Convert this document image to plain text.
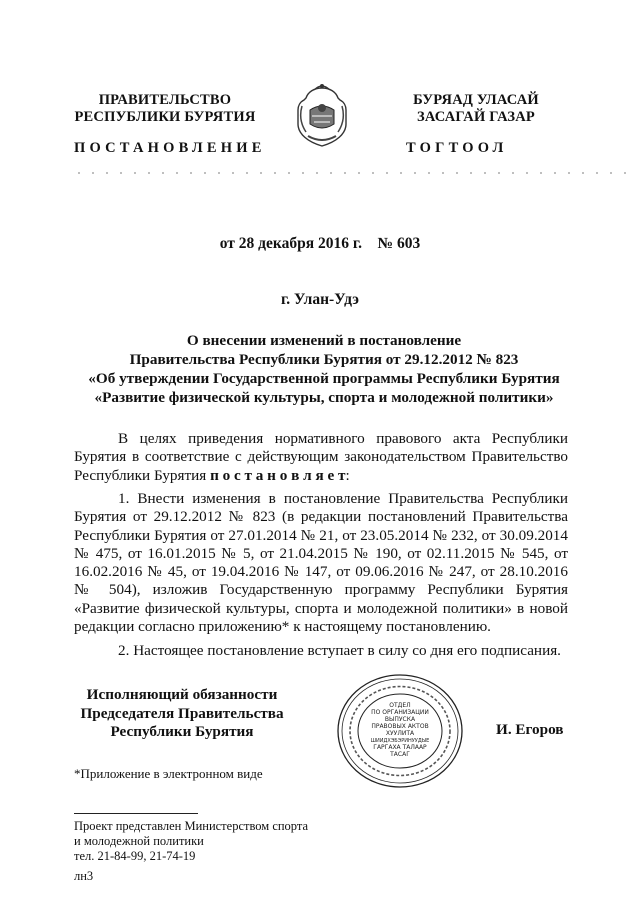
ПРАВИТЕЛЬСТВО
РЕСПУБЛИКИ БУРЯТИЯ
БУРЯАД УЛАСАЙ
ЗАСАГАЙ ГАЗАР
ПОСТАНОВЛЕНИЕ	ТОГТООЛ
от 28 декабря 2016 г.    № 603
г. Улан-Удэ
О внесении изменений в постановление
Правительства Республики Бурятия от 29.12.2012 № 823
«Об утверждении Государственной программы Республики Бурятия
«Развитие физической культуры, спорта и молодежной политики»
В целях приведения нормативного правового акта Республики Бурятия в соответствие с действующим законодательством Правительство Республики Бурятия п о с т а н о в л я е т:
1. Внести изменения в постановление Правительства Республики Бурятия от 29.12.2012 № 823 (в редакции постановлений Правительства Республики Бурятия от 27.01.2014 № 21, от 23.05.2014 № 232, от 30.09.2014 № 475, от 16.01.2015 № 5, от 21.04.2015 № 190, от 02.11.2015 № 545, от 16.02.2016 № 45, от 19.04.2016 № 147, от 09.06.2016 № 247, от 28.10.2016 № 504), изложив Государственную программу Республики Бурятия «Развитие физической культуры, спорта и молодежной политики» в новой редакции согласно приложению* к настоящему постановлению.
2. Настоящее постановление вступает в силу со дня его подписания.
Исполняющий обязанности
Председателя Правительства
Республики Бурятия
ОТДЕЛ
ПО ОРГАНИЗАЦИИ
ВЫПУСКА
ПРАВОВЫХ АКТОВ
ХУУЛИТА
ШИИДХЭБЭРИНУУДЫЕ
ГАРГАХА ТАЛААР
ТАСАГ
И. Егоров
*Приложение в электронном виде
Проект представлен Министерством спорта
и молодежной политики
тел. 21-84-99, 21-74-19
лн3
